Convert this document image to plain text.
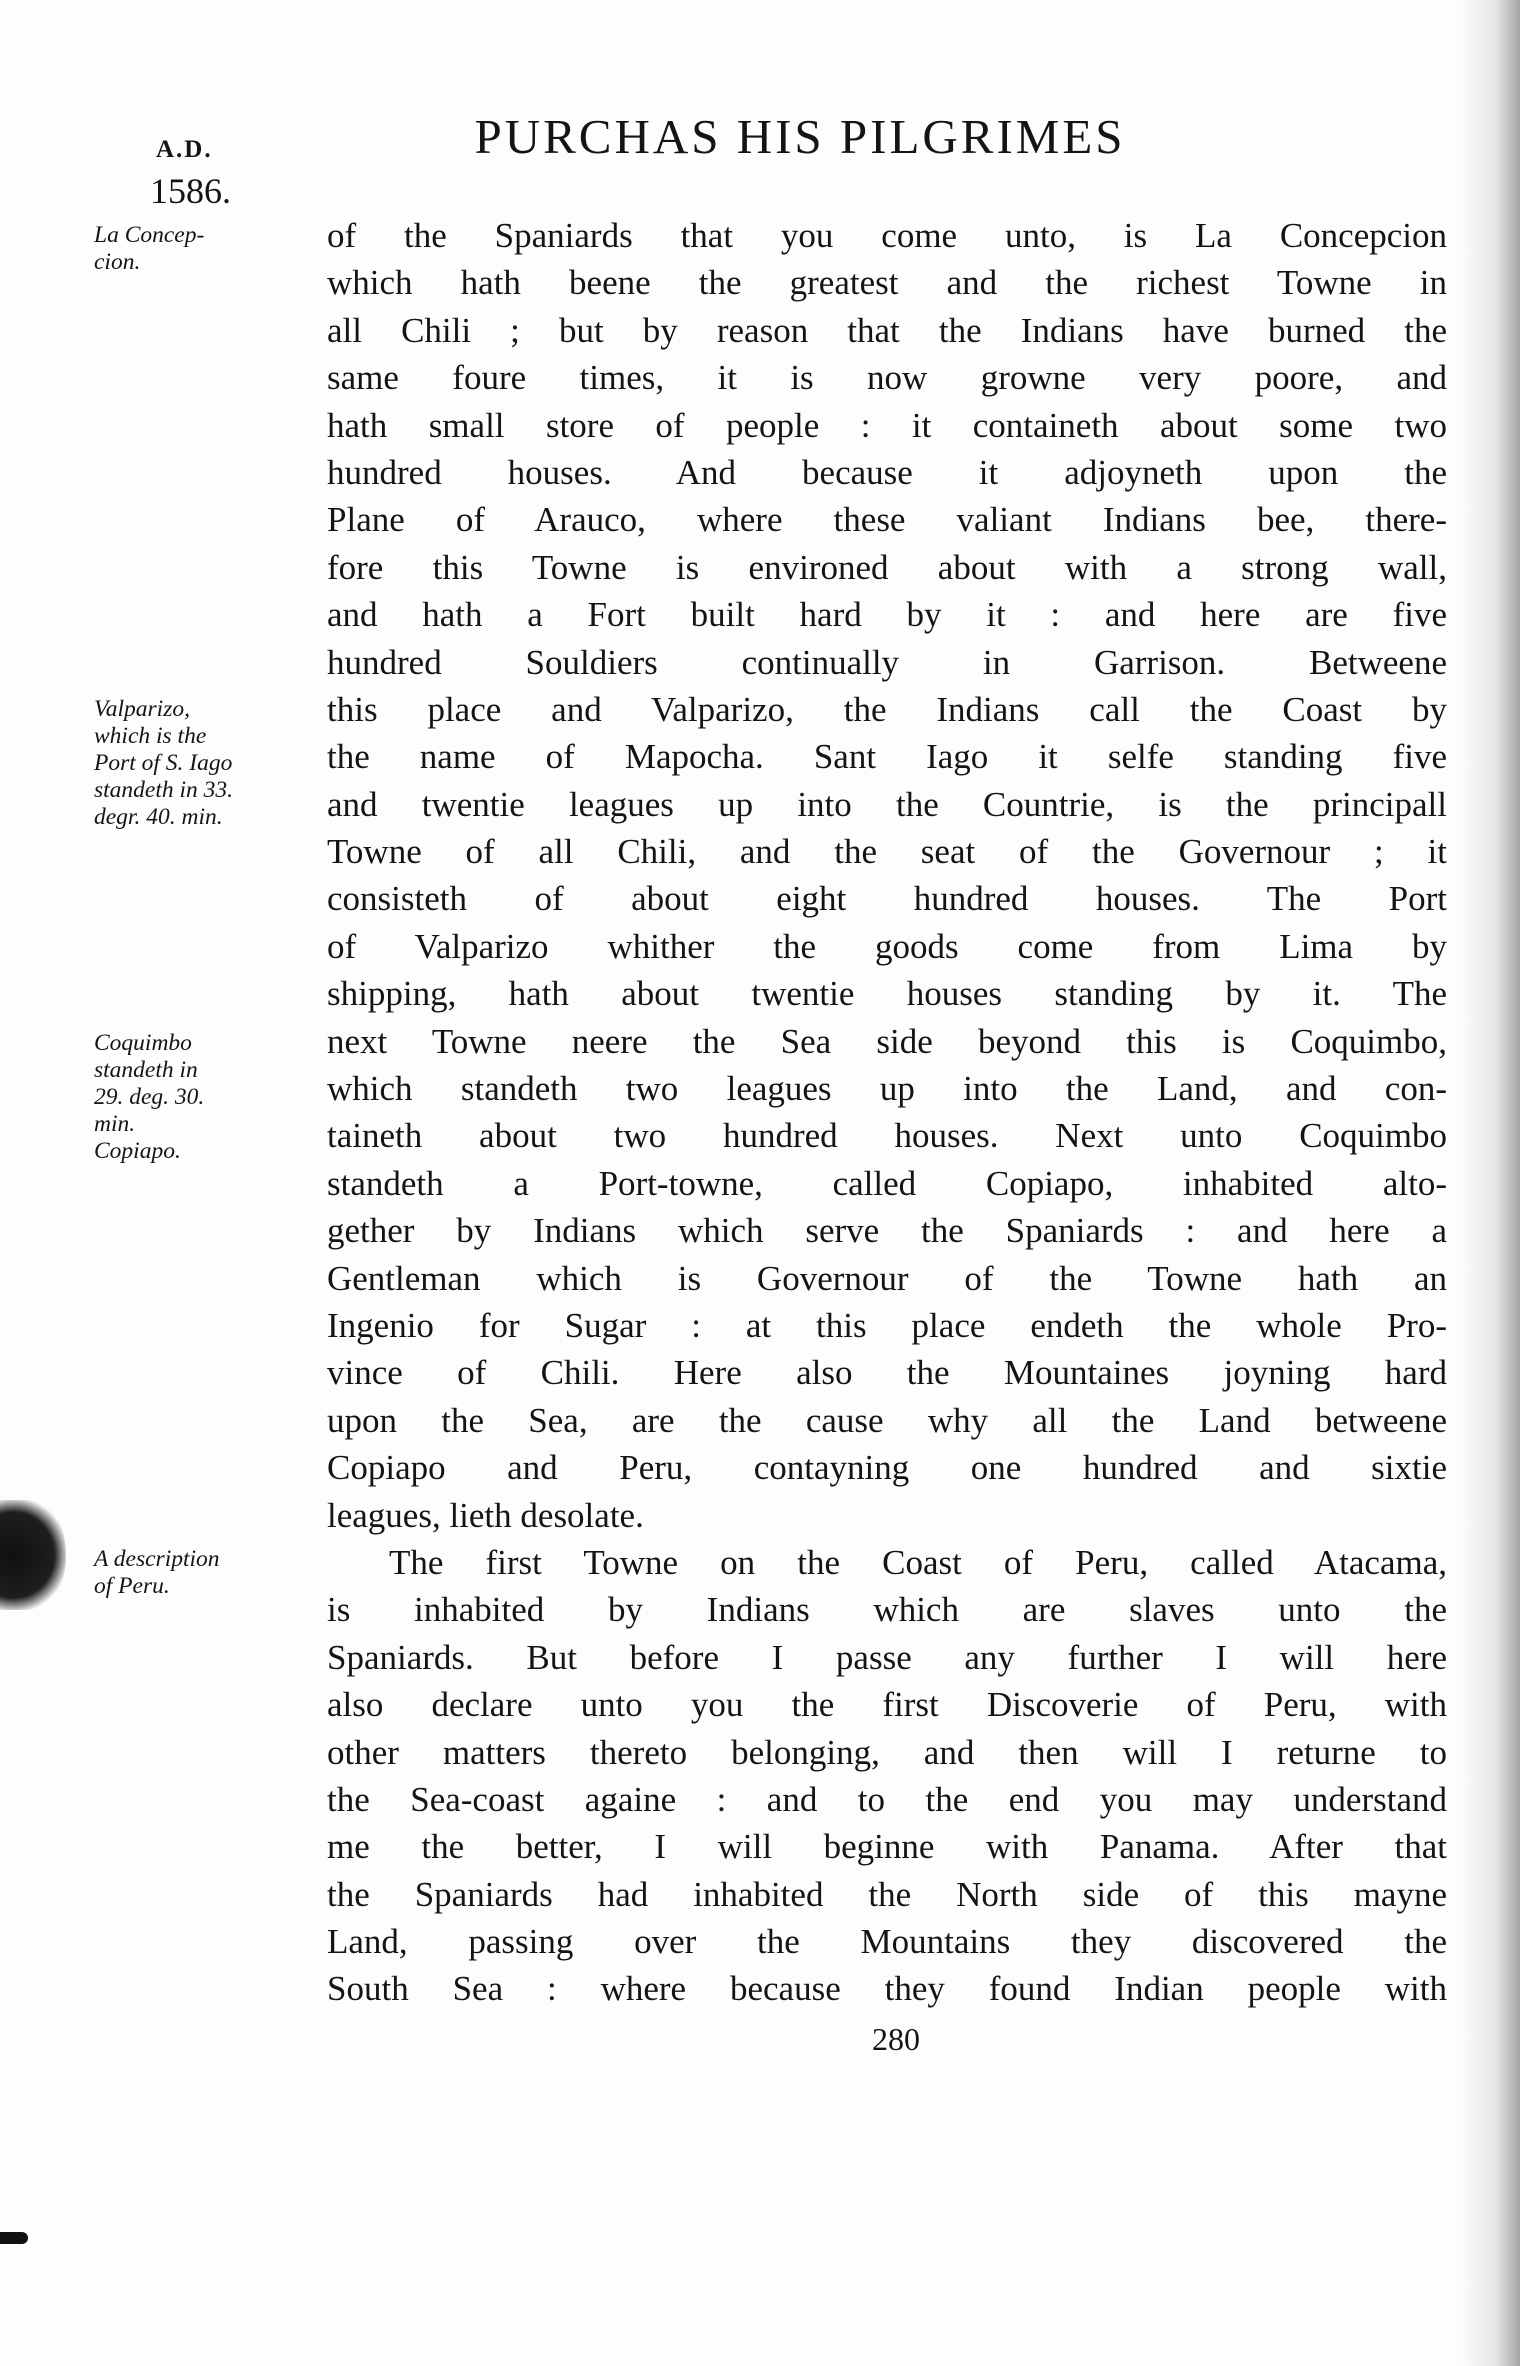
A.D.
1586.
PURCHAS HIS PILGRIMES
La Concep-
cion.
Valparizo,
which is the
Port of S. Iago
standeth in 33.
degr. 40. min.
Coquimbo
standeth in
29. deg. 30.
min.
Copiapo.
A description
of Peru.
of the Spaniards that you come unto, is La Concepcion
which hath beene the greatest and the richest Towne in
all Chili ; but by reason that the Indians have burned the
same foure times, it is now growne very poore, and
hath small store of people : it containeth about some two
hundred houses. And because it adjoyneth upon the
Plane of Arauco, where these valiant Indians bee, there-
fore this Towne is environed about with a strong wall,
and hath a Fort built hard by it : and here are five
hundred Souldiers continually in Garrison. Betweene
this place and Valparizo, the Indians call the Coast by
the name of Mapocha. Sant Iago it selfe standing five
and twentie leagues up into the Countrie, is the principall
Towne of all Chili, and the seat of the Governour ; it
consisteth of about eight hundred houses. The Port
of Valparizo whither the goods come from Lima by
shipping, hath about twentie houses standing by it. The
next Towne neere the Sea side beyond this is Coquimbo,
which standeth two leagues up into the Land, and con-
taineth about two hundred houses. Next unto Coquimbo
standeth a Port-towne, called Copiapo, inhabited alto-
gether by Indians which serve the Spaniards : and here a
Gentleman which is Governour of the Towne hath an
Ingenio for Sugar : at this place endeth the whole Pro-
vince of Chili. Here also the Mountaines joyning hard
upon the Sea, are the cause why all the Land betweene
Copiapo and Peru, contayning one hundred and sixtie
leagues, lieth desolate.
The first Towne on the Coast of Peru, called Atacama,
is inhabited by Indians which are slaves unto the
Spaniards. But before I passe any further I will here
also declare unto you the first Discoverie of Peru, with
other matters thereto belonging, and then will I returne to
the Sea-coast againe : and to the end you may understand
me the better, I will beginne with Panama. After that
the Spaniards had inhabited the North side of this mayne
Land, passing over the Mountains they discovered the
South Sea : where because they found Indian people with
280
